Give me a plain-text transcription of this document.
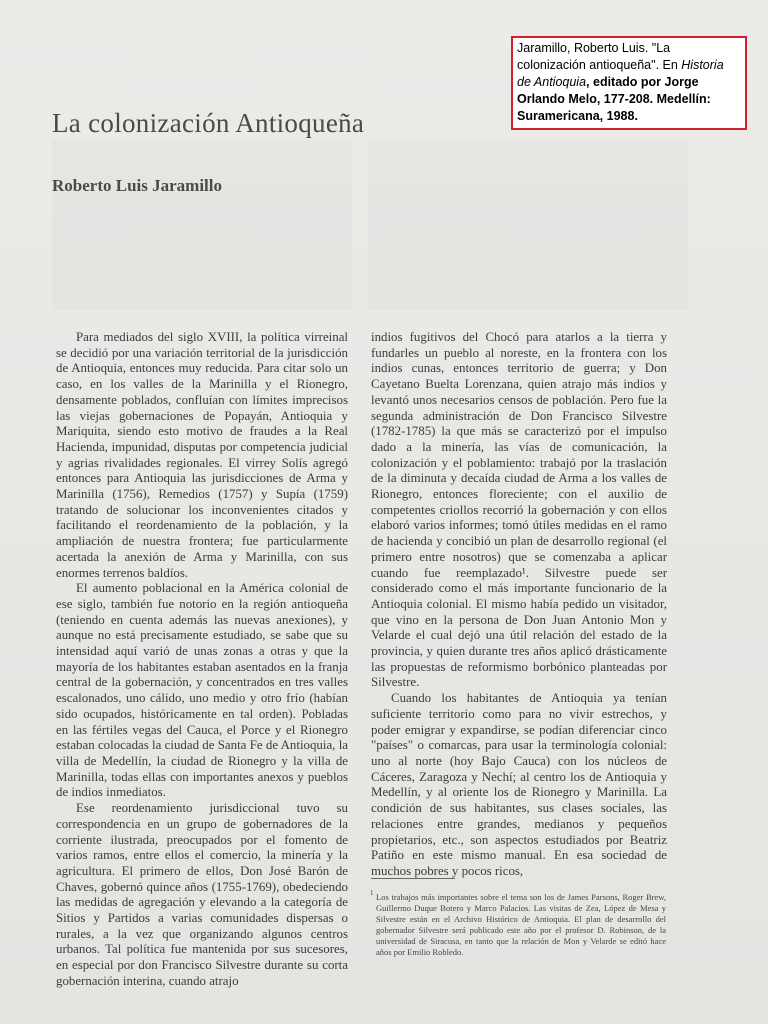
Jaramillo, Roberto Luis. "La colonización antioqueña". En Historia de Antioquia, editado por Jorge Orlando Melo, 177-208. Medellín: Suramericana, 1988.
La colonización Antioqueña
Roberto Luis Jaramillo

Para mediados del siglo XVIII, la política virreinal se decidió por una variación territorial de la jurisdicción de Antioquia, entonces muy reducida. Para citar solo un caso, en los valles de la Marinilla y el Rionegro, densamente poblados, confluían con límites imprecisos las viejas gobernaciones de Popayán, Antioquia y Mariquita, siendo esto motivo de fraudes a la Real Hacienda, impunidad, disputas por competencia judicial y agrias rivalidades regionales. El virrey Solís agregó entonces para Antioquia las jurisdicciones de Arma y Marinilla (1756), Remedios (1757) y Supía (1759) tratando de solucionar los inconvenientes citados y facilitando el reordenamiento de la población, y la ampliación de nuestra frontera; fue particularmente acertada la anexión de Arma y Marinilla, con sus enormes terrenos baldíos.

El aumento poblacional en la América colonial de ese siglo, también fue notorio en la región antioqueña (teniendo en cuenta además las nuevas anexiones), y aunque no está precisamente estudiado, se sabe que su intensidad aquí varió de unas zonas a otras y que la mayoría de los habitantes estaban asentados en la franja central de la gobernación, y concentrados en tres valles escalonados, uno cálido, uno medio y otro frío (habían sido ocupados, históricamente en tal orden). Pobladas en las fértiles vegas del Cauca, el Porce y el Rionegro estaban colocadas la ciudad de Santa Fe de Antioquia, la villa de Medellín, la ciudad de Rionegro y la villa de Marinilla, todas ellas con importantes anexos y pueblos de indios inmediatos.

Ese reordenamiento jurisdiccional tuvo su correspondencia en un grupo de gobernadores de la corriente ilustrada, preocupados por el fomento de varios ramos, entre ellos el comercio, la minería y la agricultura. El primero de ellos, Don José Barón de Chaves, gobernó quince años (1755-1769), obedeciendo las medidas de agregación y elevando a la categoría de Sitios y Partidos a varias comunidades dispersas o rurales, a la vez que organizando algunos centros urbanos. Tal política fue mantenida por sus sucesores, en especial por don Francisco Silvestre durante su corta gobernación interina, cuando atrajo

indios fugitivos del Chocó para atarlos a la tierra y fundarles un pueblo al noreste, en la frontera con los indios cunas, entonces territorio de guerra; y Don Cayetano Buelta Lorenzana, quien atrajo más indios y levantó unos necesarios censos de población. Pero fue la segunda administración de Don Francisco Silvestre (1782-1785) la que más se caracterizó por el impulso dado a la minería, las vías de comunicación, la colonización y el poblamiento: trabajó por la traslación de la diminuta y decaída ciudad de Arma a los valles de Rionegro, entonces floreciente; con el auxilio de competentes criollos recorrió la gobernación y con ellos elaboró varios informes; tomó útiles medidas en el ramo de hacienda y concibió un plan de desarrollo regional (el primero entre nosotros) que se comenzaba a aplicar cuando fue reemplazado¹. Silvestre puede ser considerado como el más importante funcionario de la Antioquia colonial. El mismo había pedido un visitador, que vino en la persona de Don Juan Antonio Mon y Velarde el cual dejó una útil relación del estado de la provincia, y quien durante tres años aplicó drásticamente las propuestas de reformismo borbónico planteadas por Silvestre.

Cuando los habitantes de Antioquia ya tenían suficiente territorio como para no vivir estrechos, y poder emigrar y expandirse, se podían diferenciar cinco "países" o comarcas, para usar la terminología colonial: uno al norte (hoy Bajo Cauca) con los núcleos de Cáceres, Zaragoza y Nechí; al centro los de Antioquia y Medellín, y al oriente los de Rionegro y Marinilla. La condición de sus habitantes, sus clases sociales, las relaciones entre grandes, medianos y pequeños propietarios, etc., son aspectos estudiados por Beatriz Patiño en este mismo manual. En esa sociedad de muchos pobres y pocos ricos,

1 Los trabajos más importantes sobre el tema son los de James Parsons, Roger Brew, Guillermo Duque Botero y Marco Palacios. Las visitas de Zea, López de Mesa y Silvestre están en el Archivo Histórico de Antioquia. El plan de desarrollo del gobernador Silvestre será publicado este año por el profesor D. Robinson, de la universidad de Siracusa, en tanto que la relación de Mon y Velarde se editó hace años por Emilio Robledo.
